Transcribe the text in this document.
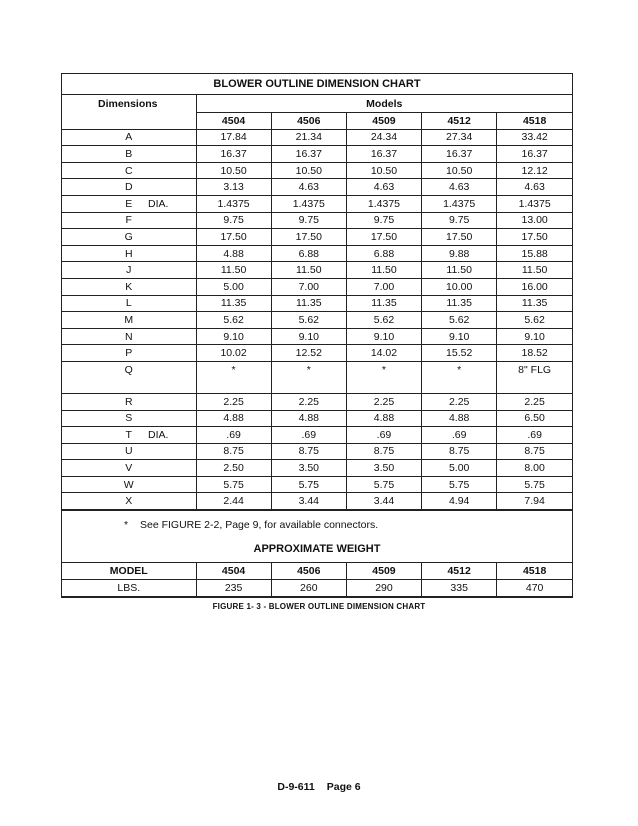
BLOWER OUTLINE DIMENSION CHART					
Dimensions	Models				
	4504	4506	4509	4512	4518
A	17.84	21.34	24.34	27.34	33.42
B	16.37	16.37	16.37	16.37	16.37
C	10.50	10.50	10.50	10.50	12.12
D	3.13	4.63	4.63	4.63	4.63
E DIA.	1.4375	1.4375	1.4375	1.4375	1.4375
F	9.75	9.75	9.75	9.75	13.00
G	17.50	17.50	17.50	17.50	17.50
H	4.88	6.88	6.88	9.88	15.88
J	11.50	11.50	11.50	11.50	11.50
K	5.00	7.00	7.00	10.00	16.00
L	11.35	11.35	11.35	11.35	11.35
M	5.62	5.62	5.62	5.62	5.62
N	9.10	9.10	9.10	9.10	9.10
P	10.02	12.52	14.02	15.52	18.52
Q	*	*	*	*	8" FLG
R	2.25	2.25	2.25	2.25	2.25
S	4.88	4.88	4.88	4.88	6.50
T DIA.	.69	.69	.69	.69	.69
U	8.75	8.75	8.75	8.75	8.75
V	2.50	3.50	3.50	5.00	8.00
W	5.75	5.75	5.75	5.75	5.75
X	2.44	3.44	3.44	4.94	7.94
* See FIGURE 2-2, Page 9, for available connectors.
APPROXIMATE WEIGHT
MODEL	4504	4506	4509	4512	4518
LBS.	235	260	290	335	470
FIGURE 1- 3 - BLOWER OUTLINE DIMENSION CHART
D-9-611 Page 6
